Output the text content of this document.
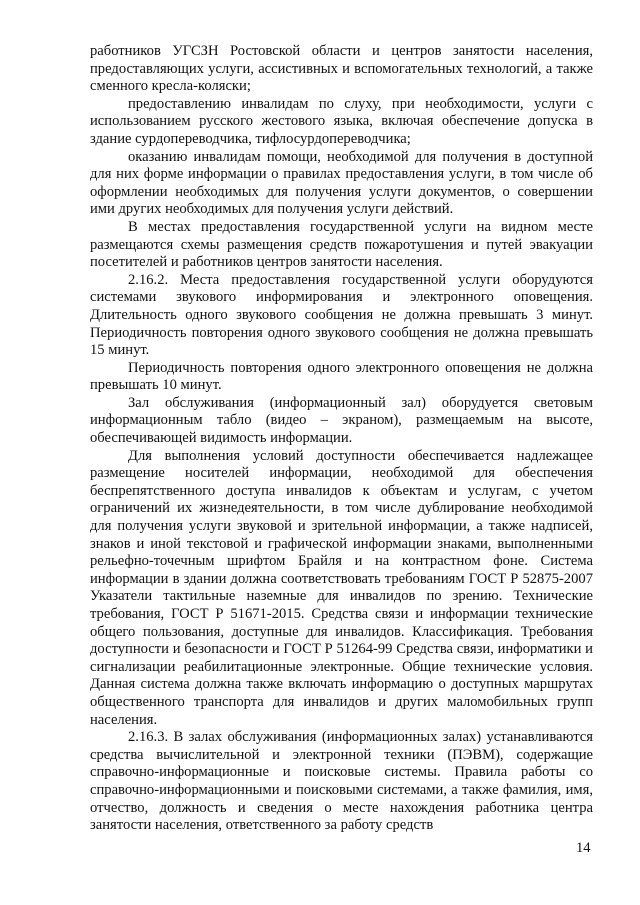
работников УГСЗН Ростовской области и центров занятости населения, предоставляющих услуги, ассистивных и вспомогательных технологий, а также сменного кресла-коляски;

предоставлению инвалидам по слуху, при необходимости, услуги с использованием русского жестового языка, включая обеспечение допуска в здание сурдопереводчика, тифлосурдопереводчика;

оказанию инвалидам помощи, необходимой для получения в доступной для них форме информации о правилах предоставления услуги, в том числе об оформлении необходимых для получения услуги документов, о совершении ими других необходимых для получения услуги действий.

В местах предоставления государственной услуги на видном месте размещаются схемы размещения средств пожаротушения и путей эвакуации посетителей и работников центров занятости населения.

2.16.2. Места предоставления государственной услуги оборудуются системами звукового информирования и электронного оповещения. Длительность одного звукового сообщения не должна превышать 3 минут. Периодичность повторения одного звукового сообщения не должна превышать 15 минут.

Периодичность повторения одного электронного оповещения не должна превышать 10 минут.

Зал обслуживания (информационный зал) оборудуется световым информационным табло (видео – экраном), размещаемым на высоте, обеспечивающей видимость информации.

Для выполнения условий доступности обеспечивается надлежащее размещение носителей информации, необходимой для обеспечения беспрепятственного доступа инвалидов к объектам и услугам, с учетом ограничений их жизнедеятельности, в том числе дублирование необходимой для получения услуги звуковой и зрительной информации, а также надписей, знаков и иной текстовой и графической информации знаками, выполненными рельефно-точечным шрифтом Брайля и на контрастном фоне. Система информации в здании должна соответствовать требованиям ГОСТ Р 52875-2007 Указатели тактильные наземные для инвалидов по зрению. Технические требования, ГОСТ Р 51671-2015. Средства связи и информации технические общего пользования, доступные для инвалидов. Классификация. Требования доступности и безопасности и ГОСТ Р 51264-99 Средства связи, информатики и сигнализации реабилитационные электронные. Общие технические условия. Данная система должна также включать информацию о доступных маршрутах общественного транспорта для инвалидов и других маломобильных групп населения.

2.16.3. В залах обслуживания (информационных залах) устанавливаются средства вычислительной и электронной техники (ПЭВМ), содержащие справочно-информационные и поисковые системы. Правила работы со справочно-информационными и поисковыми системами, а также фамилия, имя, отчество, должность и сведения о месте нахождения работника центра занятости населения, ответственного за работу средств

14
